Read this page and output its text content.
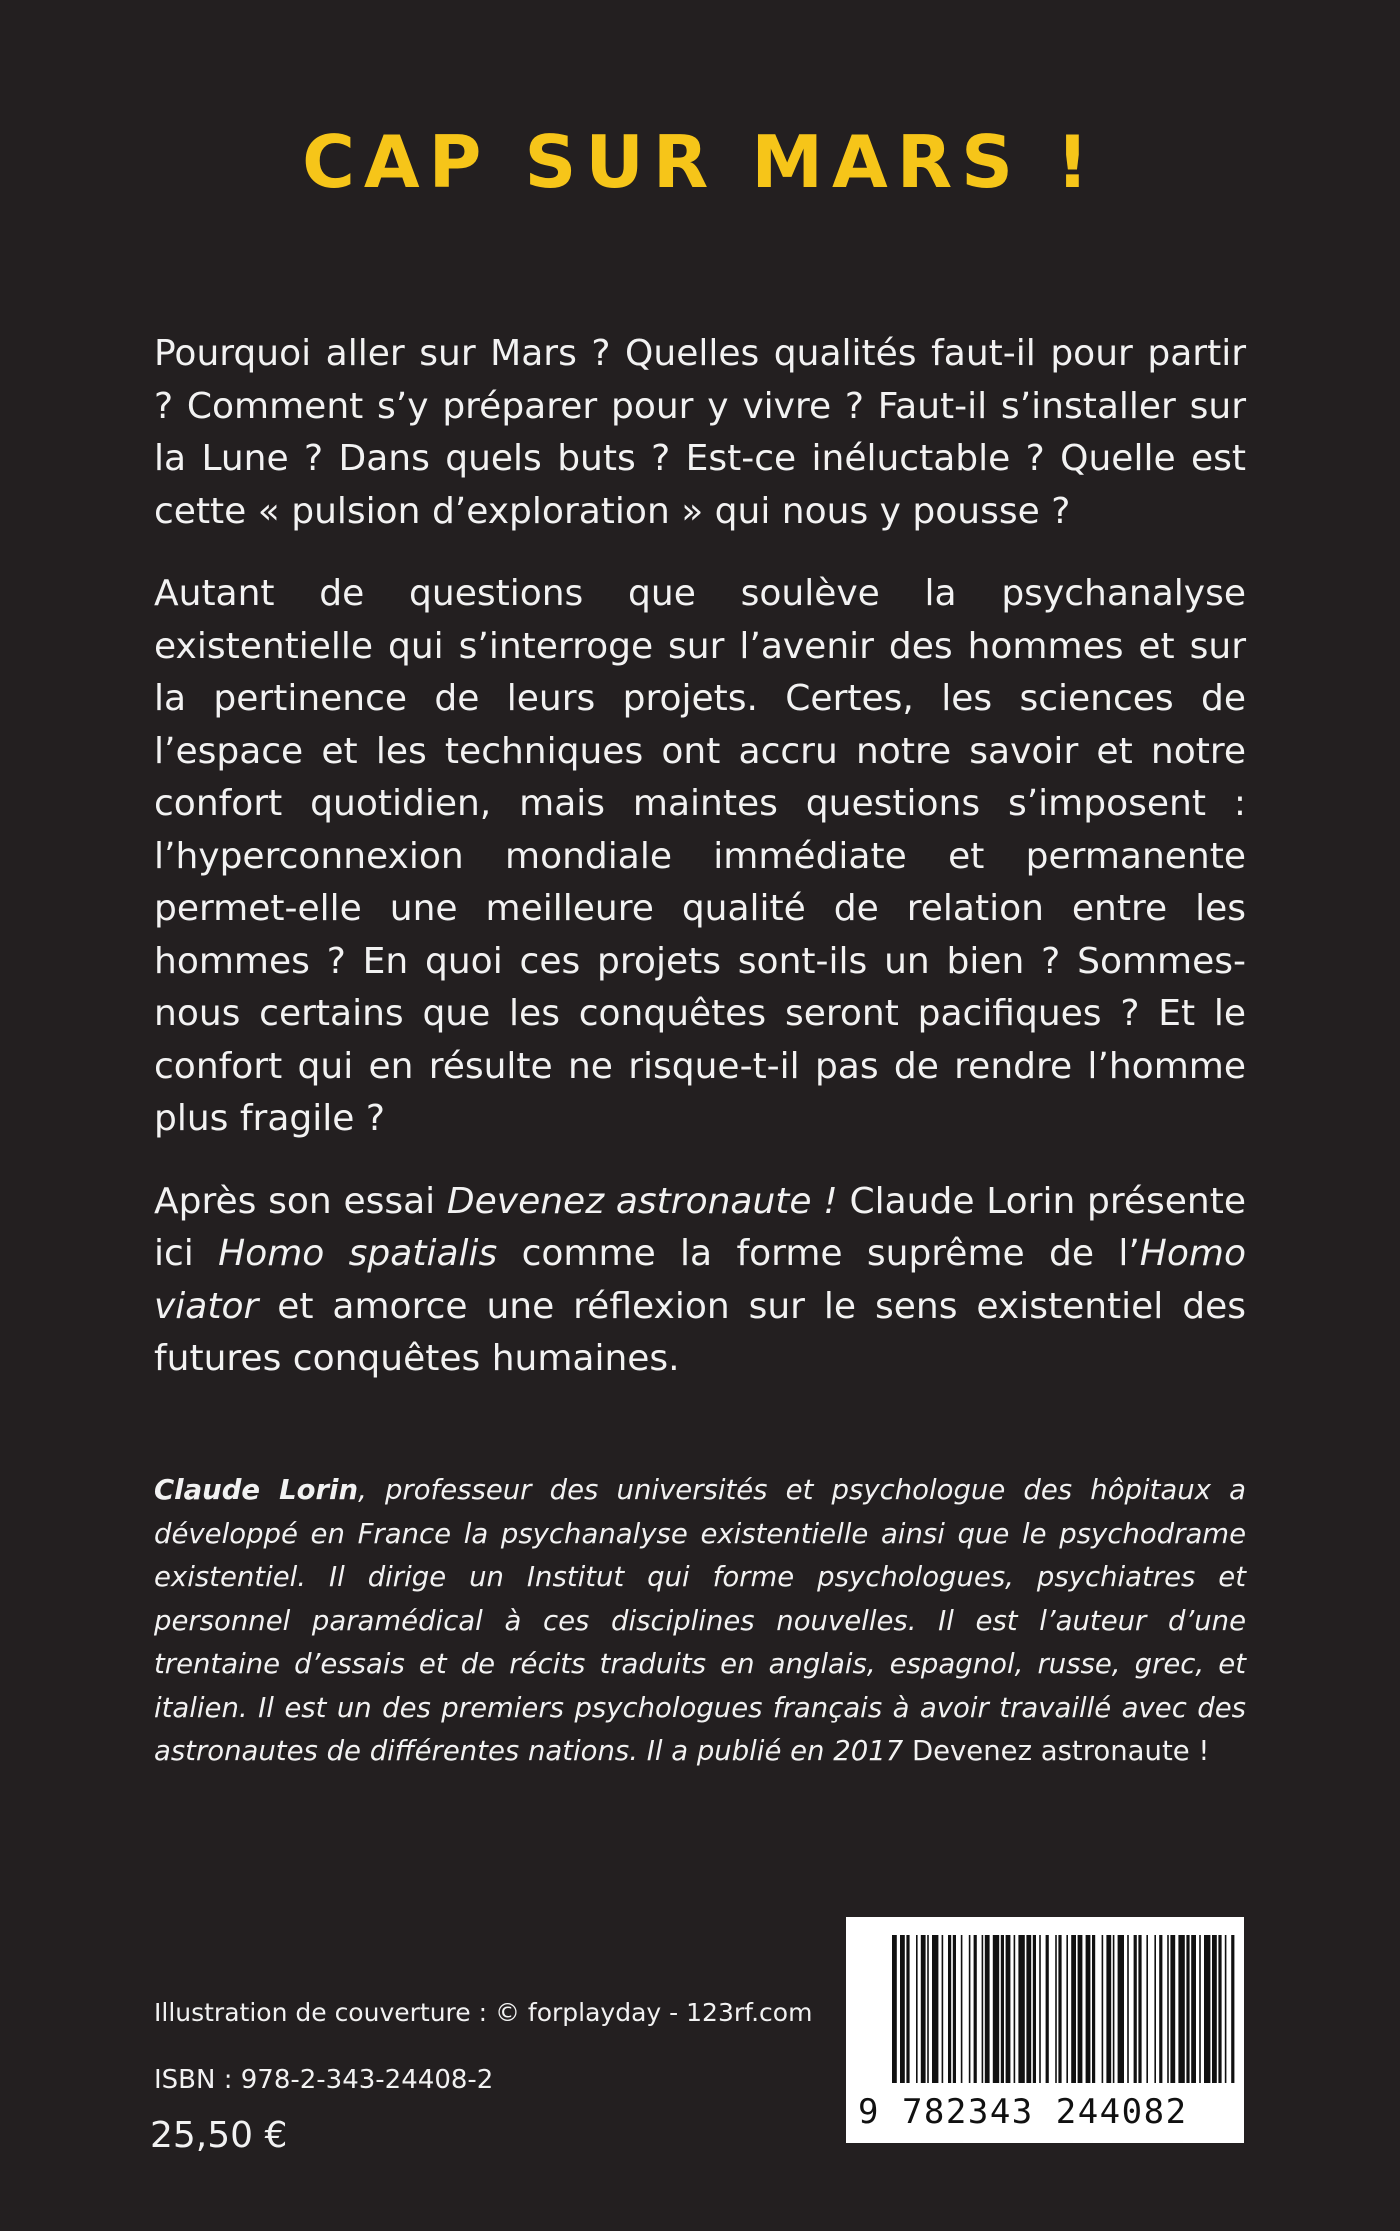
CAP SUR MARS !

Pourquoi aller sur Mars ? Quelles qualités faut-il pour partir ? Comment s’y préparer pour y vivre ? Faut-il s’installer sur la Lune ? Dans quels buts ? Est-ce inéluctable ? Quelle est cette « pulsion d’exploration » qui nous y pousse ?

Autant de questions que soulève la psychanalyse existentielle qui s’interroge sur l’avenir des hommes et sur la pertinence de leurs projets. Certes, les sciences de l’espace et les techniques ont accru notre savoir et notre confort quotidien, mais maintes questions s’imposent : l’hyperconnexion mondiale immédiate et permanente permet-elle une meilleure qualité de relation entre les hommes ? En quoi ces projets sont-ils un bien ? Sommes-nous certains que les conquêtes seront pacifiques ? Et le confort qui en résulte ne risque-t-il pas de rendre l’homme plus fragile ?

Après son essai Devenez astronaute ! Claude Lorin présente ici Homo spatialis comme la forme suprême de l’Homo viator et amorce une réflexion sur le sens existentiel des futures conquêtes humaines.

Claude Lorin, professeur des universités et psychologue des hôpitaux a développé en France la psychanalyse existentielle ainsi que le psychodrame existentiel. Il dirige un Institut qui forme psychologues, psychiatres et personnel paramédical à ces disciplines nouvelles. Il est l’auteur d’une trentaine d’essais et de récits traduits en anglais, espagnol, russe, grec, et italien. Il est un des premiers psychologues français à avoir travaillé avec des astronautes de différentes nations. Il a publié en 2017 Devenez astronaute !
Illustration de couverture : © forplayday - 123rf.com
ISBN : 978-2-343-24408-2
25,50 €
9 782343 244082
